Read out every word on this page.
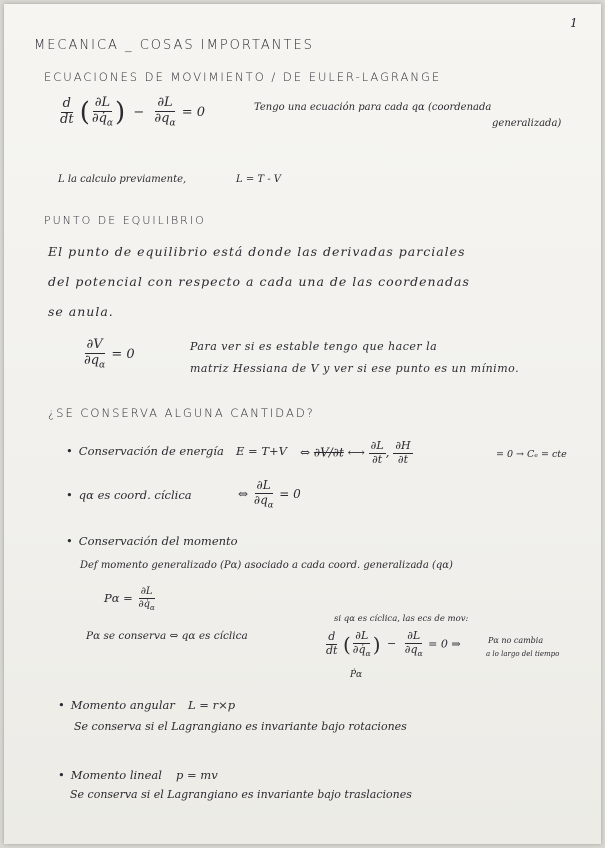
1
MECANICA _ COSAS IMPORTANTES
ECUACIONES DE MOVIMIENTO / DE EULER-LAGRANGE
$\frac{d}{dt}$ ( $\frac{\partial L}{\partial q̇_\alpha}$ ) − $\frac{\partial L}{\partial q_\alpha} = 0$	Tengo una ecuación para cada qα (coordenada
generalizada)
L la calculo previamente,	L = T - V
PUNTO DE EQUILIBRIO
El punto de equilibrio está donde las derivadas parciales
del potencial con respecto a cada una de las coordenadas
se anula.
$\frac{\partial V}{\partial q_\alpha} = 0$
Para ver si es estable tengo que hacer la
matriz Hessiana de V y ver si ese punto es un mínimo.
¿SE CONSERVA ALGUNA CANTIDAD?
• Conservación de energía E = T+V ⇔ ∂V/∂t ⟷ $\frac{\partial L}{\partial t}$ , $\frac{\partial H}{\partial t}$	= 0 → Cₑ = cte
• qα es coord. cíclica	⇔ $\frac{\partial L}{\partial q_\alpha} = 0$
• Conservación del momento
Def momento generalizado (Pα) asociado a cada coord. generalizada (qα)
$P\alpha = \frac{\partial L}{\partial q̇_\alpha}$
Pα se conserva ⇔ qα es cíclica
si qα es cíclica, las ecs de mov:
$\frac{d}{dt}$ ( $\frac{\partial L}{\partial q̇_\alpha}$ ) − $\frac{\partial L}{\partial q_\alpha} = 0$ ⇒	Pα no cambia
a lo largo del tiempo
Ṗα
• Momento angular L = r×p
Se conserva si el Lagrangiano es invariante bajo rotaciones
• Momento lineal p = mv
Se conserva si el Lagrangiano es invariante bajo traslaciones
